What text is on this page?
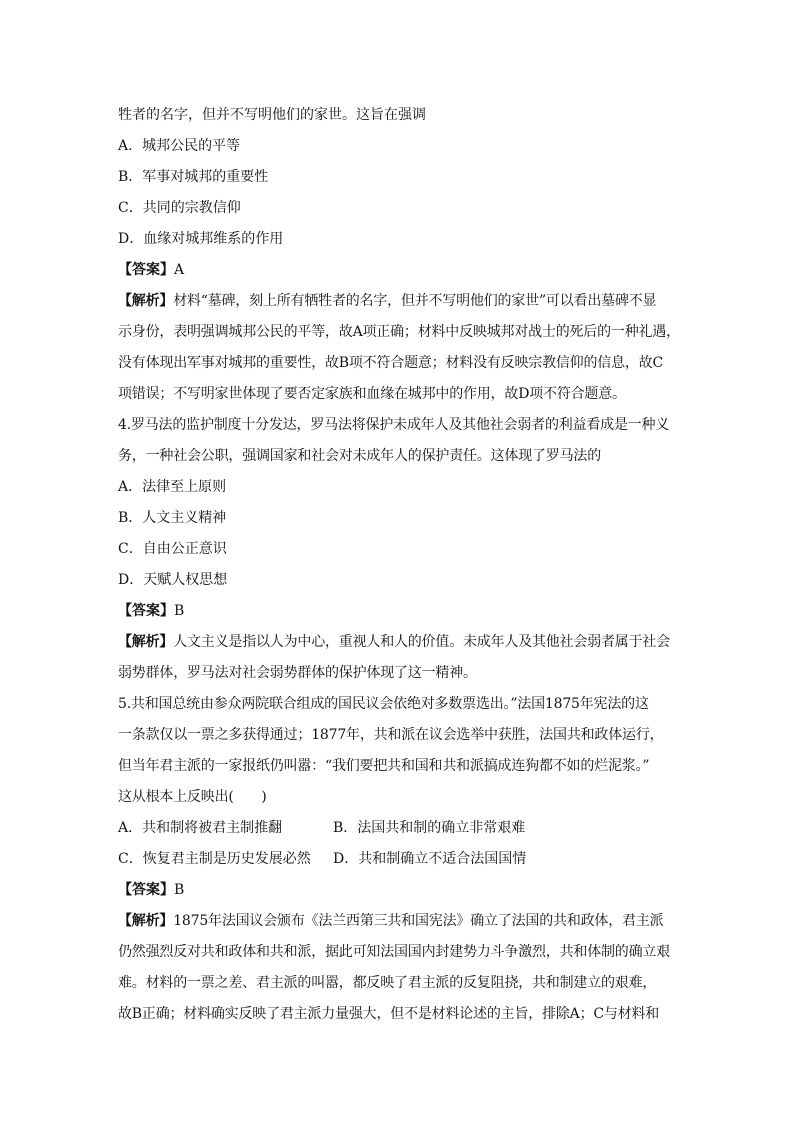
牲者的名字，但并不写明他们的家世。这旨在强调
A．城邦公民的平等
B．军事对城邦的重要性
C．共同的宗教信仰
D．血缘对城邦维系的作用
【答案】A
【解析】材料“墓碑，刻上所有牺牲者的名字，但并不写明他们的家世”可以看出墓碑不显
示身份，表明强调城邦公民的平等，故A项正确；材料中反映城邦对战士的死后的一种礼遇，
没有体现出军事对城邦的重要性，故B项不符合题意；材料没有反映宗教信仰的信息，故C
项错误；不写明家世体现了要否定家族和血缘在城邦中的作用，故D项不符合题意。
4.罗马法的监护制度十分发达，罗马法将保护未成年人及其他社会弱者的利益看成是一种义
务，一种社会公职，强调国家和社会对未成年人的保护责任。这体现了罗马法的
A．法律至上原则
B．人文主义精神
C．自由公正意识
D．天赋人权思想
【答案】B
【解析】人文主义是指以人为中心，重视人和人的价值。未成年人及其他社会弱者属于社会
弱势群体，罗马法对社会弱势群体的保护体现了这一精神。
5.共和国总统由参众两院联合组成的国民议会依绝对多数票选出。”法国1875年宪法的这
一条款仅以一票之多获得通过；1877年，共和派在议会选举中获胜，法国共和政体运行，
但当年君主派的一家报纸仍叫嚣：“我们要把共和国和共和派搞成连狗都不如的烂泥浆。”
这从根本上反映出(　　)
A．共和制将被君主制推翻	B．法国共和制的确立非常艰难
C．恢复君主制是历史发展必然	D．共和制确立不适合法国国情
【答案】B
【解析】1875年法国议会颁布《法兰西第三共和国宪法》确立了法国的共和政体，君主派
仍然强烈反对共和政体和共和派，据此可知法国国内封建势力斗争激烈，共和体制的确立艰
难。材料的一票之差、君主派的叫嚣，都反映了君主派的反复阻挠，共和制建立的艰难，
故B正确；材料确实反映了君主派力量强大，但不是材料论述的主旨，排除A；C与材料和
